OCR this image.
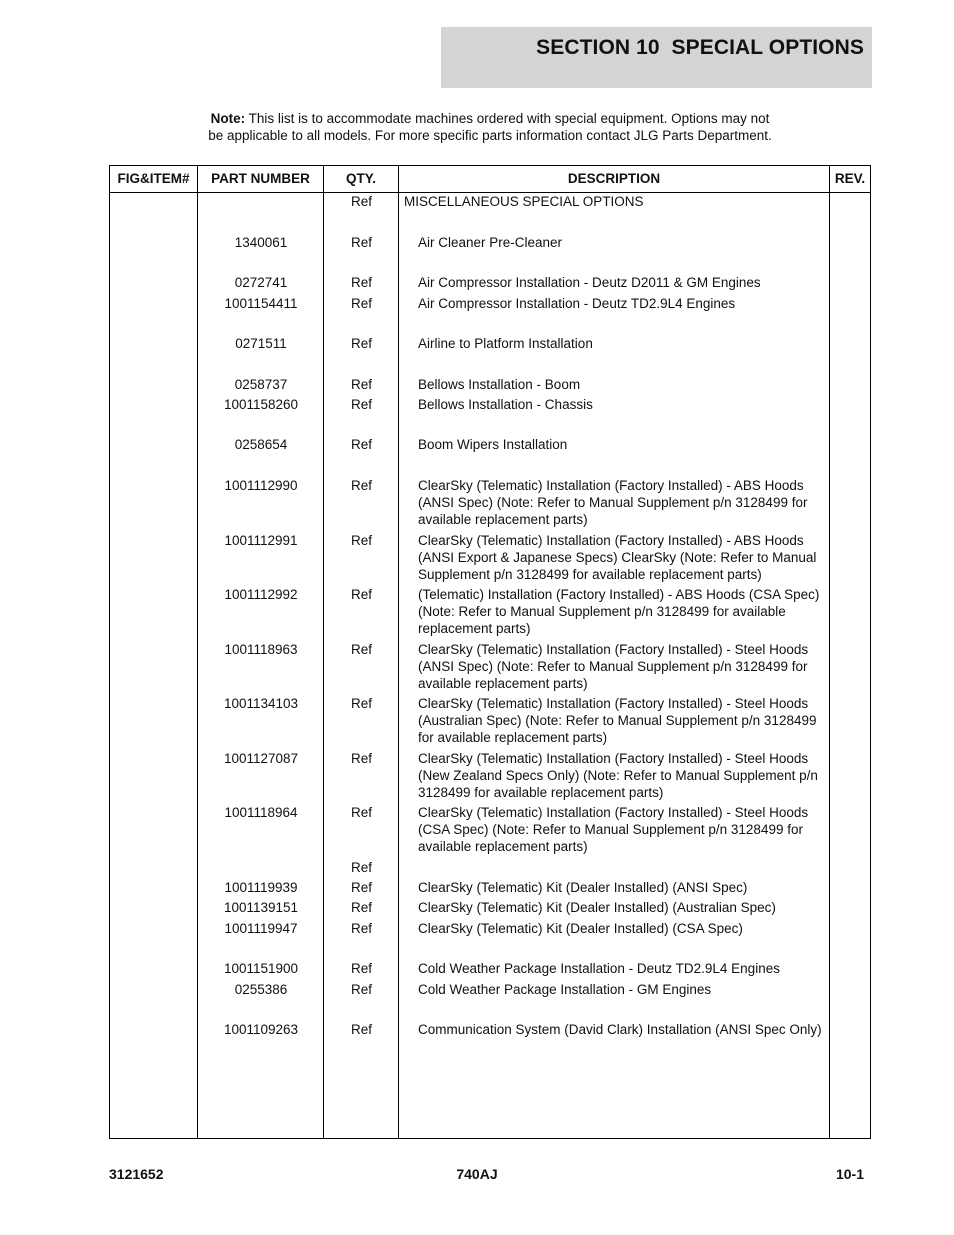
SECTION 10  SPECIAL OPTIONS
Note: This list is to accommodate machines ordered with special equipment. Options may not
be applicable to all models. For more specific parts information contact JLG Parts Department.
FIG&ITEM#	PART NUMBER	QTY.	DESCRIPTION	REV.
Ref	MISCELLANEOUS SPECIAL OPTIONS
1340061	Ref	Air Cleaner Pre-Cleaner
0272741	Ref	Air Compressor Installation - Deutz D2011 & GM Engines
1001154411	Ref	Air Compressor Installation - Deutz TD2.9L4 Engines
0271511	Ref	Airline to Platform Installation
0258737	Ref	Bellows Installation - Boom
1001158260	Ref	Bellows Installation - Chassis
0258654	Ref	Boom Wipers Installation
1001112990	Ref	ClearSky (Telematic) Installation (Factory Installed) - ABS Hoods (ANSI Spec) (Note: Refer to Manual Supplement p/n 3128499 for available replacement parts)
1001112991	Ref	ClearSky (Telematic) Installation (Factory Installed) - ABS Hoods (ANSI Export & Japanese Specs) ClearSky (Note: Refer to Manual Supplement p/n 3128499 for available replacement parts)
1001112992	Ref	(Telematic) Installation (Factory Installed) - ABS Hoods (CSA Spec) (Note: Refer to Manual Supplement p/n 3128499 for available replacement parts)
1001118963	Ref	ClearSky (Telematic) Installation (Factory Installed) - Steel Hoods (ANSI Spec) (Note: Refer to Manual Supplement p/n 3128499 for available replacement parts)
1001134103	Ref	ClearSky (Telematic) Installation (Factory Installed) - Steel Hoods (Australian Spec) (Note: Refer to Manual Supplement p/n 3128499 for available replacement parts)
1001127087	Ref	ClearSky (Telematic) Installation (Factory Installed) - Steel Hoods (New Zealand Specs Only) (Note: Refer to Manual Supplement p/n 3128499 for available replacement parts)
1001118964	Ref	ClearSky (Telematic) Installation (Factory Installed) - Steel Hoods (CSA Spec) (Note: Refer to Manual Supplement p/n 3128499 for available replacement parts)
Ref
1001119939	Ref	ClearSky (Telematic) Kit (Dealer Installed) (ANSI Spec)
1001139151	Ref	ClearSky (Telematic) Kit (Dealer Installed) (Australian Spec)
1001119947	Ref	ClearSky (Telematic) Kit (Dealer Installed) (CSA Spec)
1001151900	Ref	Cold Weather Package Installation - Deutz TD2.9L4 Engines
0255386	Ref	Cold Weather Package Installation - GM Engines
1001109263	Ref	Communication System (David Clark) Installation (ANSI Spec Only)
3121652	740AJ	10-1
